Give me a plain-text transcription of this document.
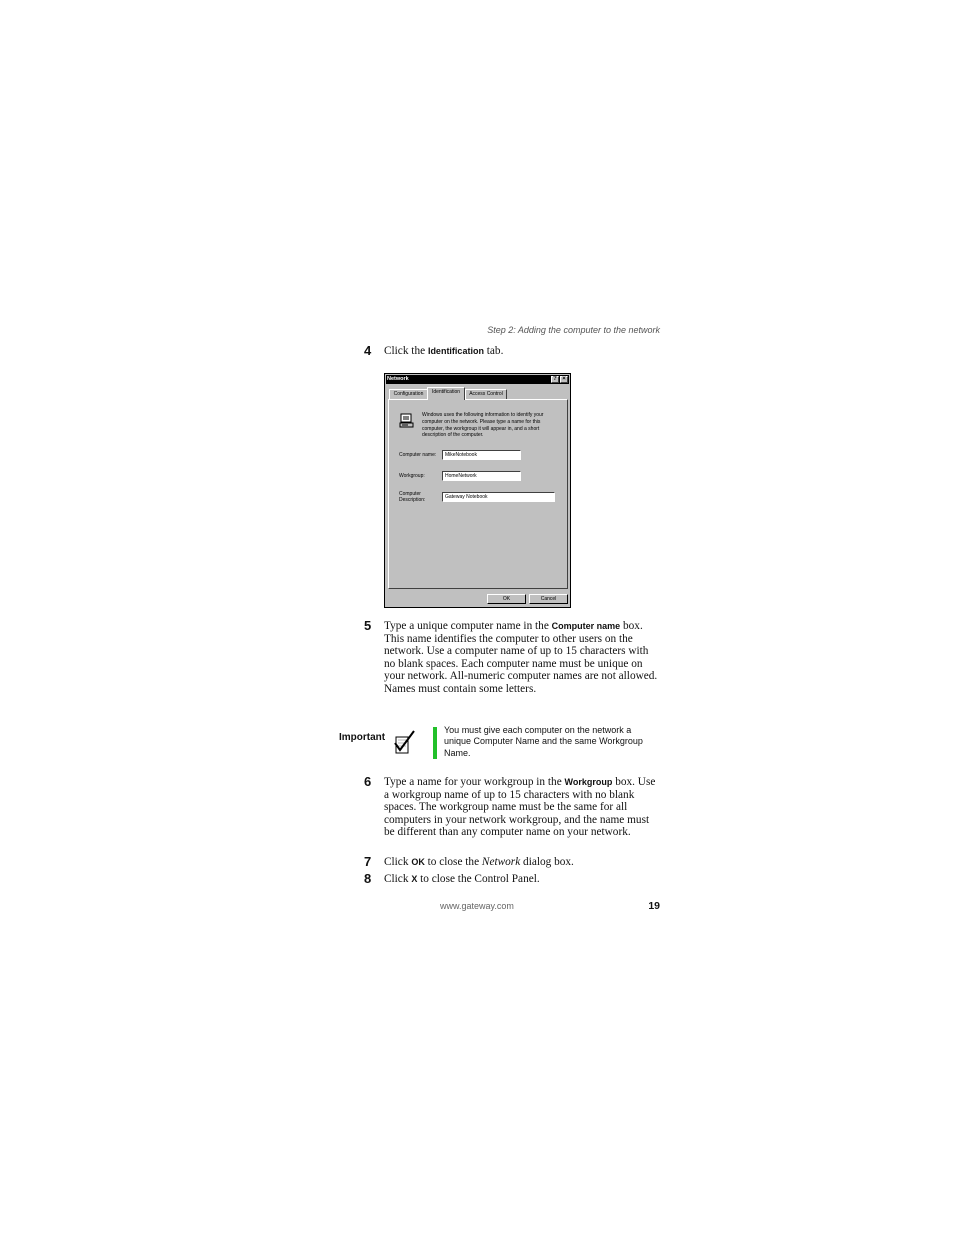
Step 2: Adding the computer to the network
4 Click the Identification tab.
Network	? ×
Configuration	Identification	Access Control
Windows uses the following information to identify your computer on the network. Please type a name for this computer, the workgroup it will appear in, and a short description of the computer.
Computer name:	MikeNotebook
Workgroup:	HomeNetwork
Computer
Description:	Gateway Notebook
OK	Cancel
5 Type a unique computer name in the Computer name box. This name identifies the computer to other users on the network. Use a computer name of up to 15 characters with no blank spaces. Each computer name must be unique on your network. All-numeric computer names are not allowed. Names must contain some letters.
Important
You must give each computer on the network a unique Computer Name and the same Workgroup Name.
6 Type a name for your workgroup in the Workgroup box. Use a workgroup name of up to 15 characters with no blank spaces. The workgroup name must be the same for all computers in your network workgroup, and the name must be different than any computer name on your network.
7 Click OK to close the Network dialog box.
8 Click X to close the Control Panel.
www.gateway.com	19
